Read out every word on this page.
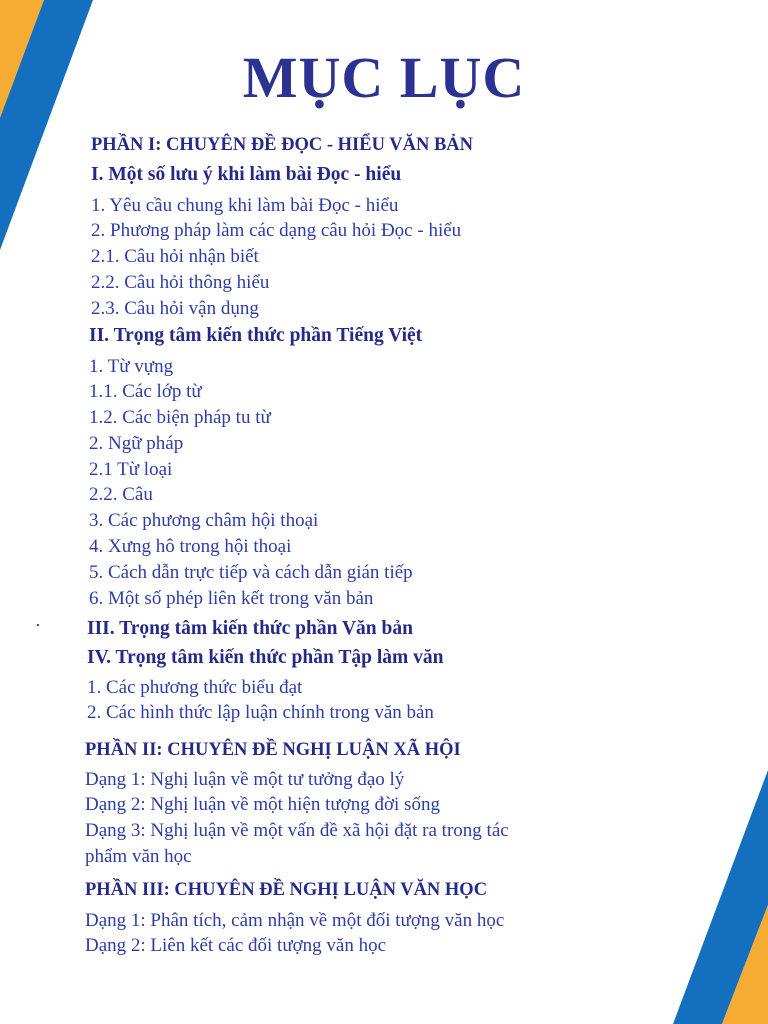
MỤC LỤC
PHẦN I: CHUYÊN ĐỀ ĐỌC - HIỂU VĂN BẢN
I. Một số lưu ý khi làm bài Đọc - hiểu
1. Yêu cầu chung khi làm bài Đọc - hiểu
2. Phương pháp làm các dạng câu hỏi Đọc - hiểu
2.1. Câu hỏi nhận biết
2.2. Câu hỏi thông hiểu
2.3. Câu hỏi vận dụng
II. Trọng tâm kiến thức phần Tiếng Việt
1. Từ vựng
1.1. Các lớp từ
1.2. Các biện pháp tu từ
2. Ngữ pháp
2.1 Từ loại
2.2. Câu
3. Các phương châm hội thoại
4. Xưng hô trong hội thoại
5. Cách dẫn trực tiếp và cách dẫn gián tiếp
6. Một số phép liên kết trong văn bản
III. Trọng tâm kiến thức phần Văn bản
IV. Trọng tâm kiến thức phần Tập làm văn
1. Các phương thức biểu đạt
2. Các hình thức lập luận chính trong văn bản
PHẦN II: CHUYÊN ĐỀ NGHỊ LUẬN XÃ HỘI
Dạng 1: Nghị luận về một tư tưởng đạo lý
Dạng 2: Nghị luận về một hiện tượng đời sống
Dạng 3: Nghị luận về một vấn đề xã hội đặt ra trong tác
phẩm văn học
PHẦN III: CHUYÊN ĐỀ NGHỊ LUẬN VĂN HỌC
Dạng 1: Phân tích, cảm nhận về một đối tượng văn học
Dạng 2: Liên kết các đối tượng văn học
